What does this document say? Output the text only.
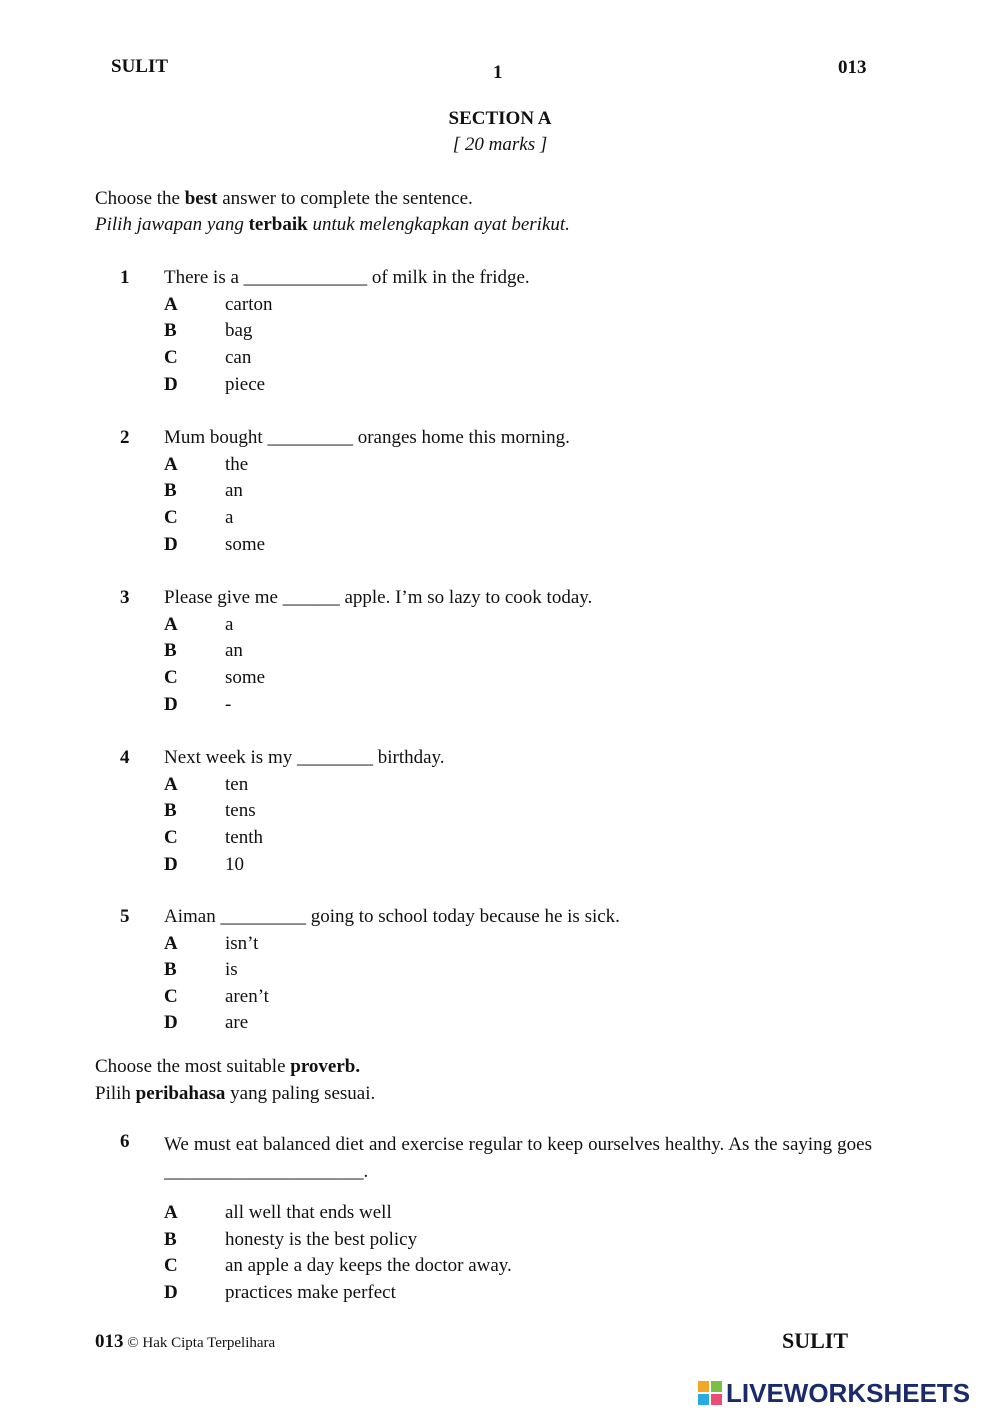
SULIT	1	013
SECTION A
[ 20 marks ]
Choose the best answer to complete the sentence.
Pilih jawapan yang terbaik untuk melengkapkan ayat berikut.
1 There is a _____________ of milk in the fridge.
A carton
B	bag
C can
D piece
2 Mum bought _________ oranges home this morning.
A the
B	an
C a
D some
3 Please give me ______ apple. I’m so lazy to cook today.
A a
B	an
C some
D -
4 Next week is my ________ birthday.
A ten
B	tens
C tenth
D 10
5 Aiman _________ going to school today because he is sick.
A isn’t
B	is
C aren’t
D are
Choose the most suitable proverb.
Pilih peribahasa yang paling sesuai.
6 We must eat balanced diet and exercise regular to keep ourselves healthy. As the saying goes _____________________.
A all well that ends well
B	honesty is the best policy
C an apple a day keeps the doctor away.
D practices make perfect
013 © Hak Cipta Terpelihara	SULIT
LIVEWORKSHEETS
